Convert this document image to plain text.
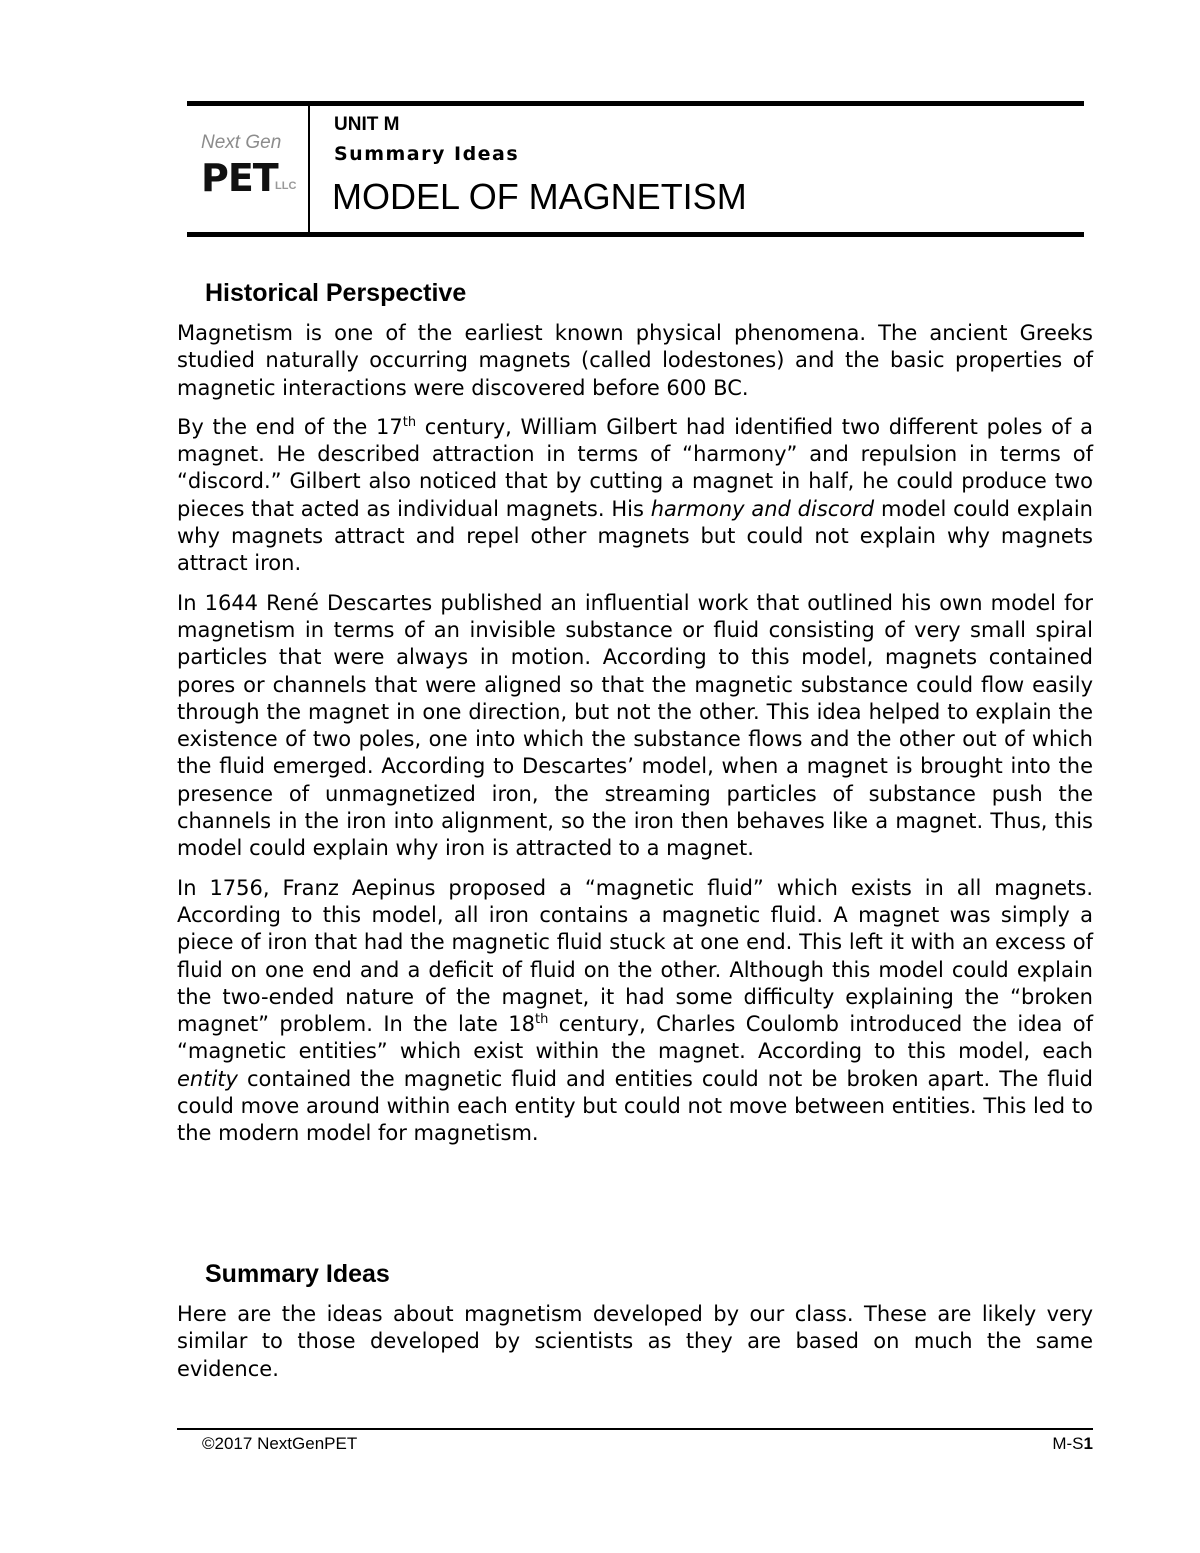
Next Gen
PET
LLC
UNIT M
Summary Ideas
MODEL OF MAGNETISM
Historical Perspective

Magnetism is one of the earliest known physical phenomena. The ancient Greeks studied naturally occurring magnets (called lodestones) and the basic properties of magnetic interactions were discovered before 600 BC.

By the end of the 17th century, William Gilbert had identified two different poles of a magnet. He described attraction in terms of “harmony” and repulsion in terms of “discord.” Gilbert also noticed that by cutting a magnet in half, he could produce two pieces that acted as individual magnets. His harmony and discord model could explain why magnets attract and repel other magnets but could not explain why magnets attract iron.

In 1644 René Descartes published an influential work that outlined his own model for magnetism in terms of an invisible substance or fluid consisting of very small spiral particles that were always in motion. According to this model, magnets contained pores or channels that were aligned so that the magnetic substance could flow easily through the magnet in one direction, but not the other. This idea helped to explain the existence of two poles, one into which the substance flows and the other out of which the fluid emerged. According to Descartes’ model, when a magnet is brought into the presence of unmagnetized iron, the streaming particles of substance push the channels in the iron into alignment, so the iron then behaves like a magnet. Thus, this model could explain why iron is attracted to a magnet.

In 1756, Franz Aepinus proposed a “magnetic fluid” which exists in all magnets. According to this model, all iron contains a magnetic fluid. A magnet was simply a piece of iron that had the magnetic fluid stuck at one end. This left it with an excess of fluid on one end and a deficit of fluid on the other. Although this model could explain the two-ended nature of the magnet, it had some difficulty explaining the “broken magnet” problem. In the late 18th century, Charles Coulomb introduced the idea of “magnetic entities” which exist within the magnet. According to this model, each entity contained the magnetic fluid and entities could not be broken apart. The fluid could move around within each entity but could not move between entities. This led to the modern model for magnetism.

Summary Ideas

Here are the ideas about magnetism developed by our class. These are likely very similar to those developed by scientists as they are based on much the same evidence.

©2017 NextGenPET	M-S1
